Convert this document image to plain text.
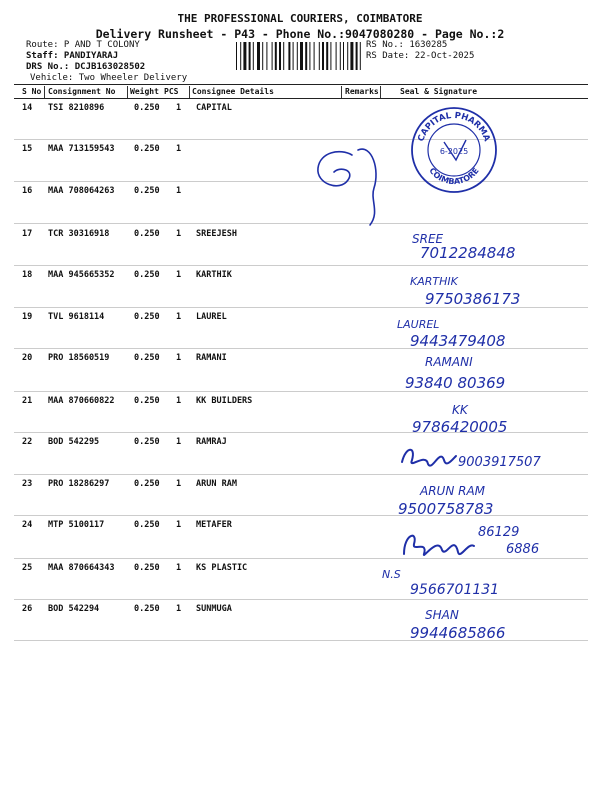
THE PROFESSIONAL COURIERS, COIMBATORE
Delivery Runsheet - P43 - Phone No.:9047080280 - Page No.:2
Route: P AND T COLONY
Staff: PANDIYARAJ
DRS No.: DCJB163028502
Vehicle: Two Wheeler Delivery
RS No.: 1630285
RS Date: 22-Oct-2025
S No Consignment No Weight PCS Consignee Details	Remarks	Seal & Signature
14 TSI 8210896	0.250 1 CAPITAL
15 MAA 713159543 0.250 1
16 MAA 708064263 0.250 1
17 TCR 30316918	0.250 1 SREEJESH
18 MAA 945665352 0.250 1 KARTHIK
19 TVL 9618114	0.250 1 LAUREL
20 PRO 18560519	0.250 1 RAMANI
21 MAA 870660822 0.250 1 KK BUILDERS
22 BOD 542295	0.250 1 RAMRAJ
23 PRO 18286297	0.250 1 ARUN RAM
24 MTP 5100117	0.250 1 METAFER
25 MAA 870664343 0.250 1 KS PLASTIC
26 BOD 542294	0.250 1 SUNMUGA
CAPITAL PHARMA
COIMBATORE
6-2025
SREE
7012284848
KARTHIK
9750386173
LAUREL
9443479408
RAMANI
93840 80369
KK
9786420005
9003917507
ARUN RAM
9500758783
86129
6886
N.S
9566701131
SHAN
9944685866
